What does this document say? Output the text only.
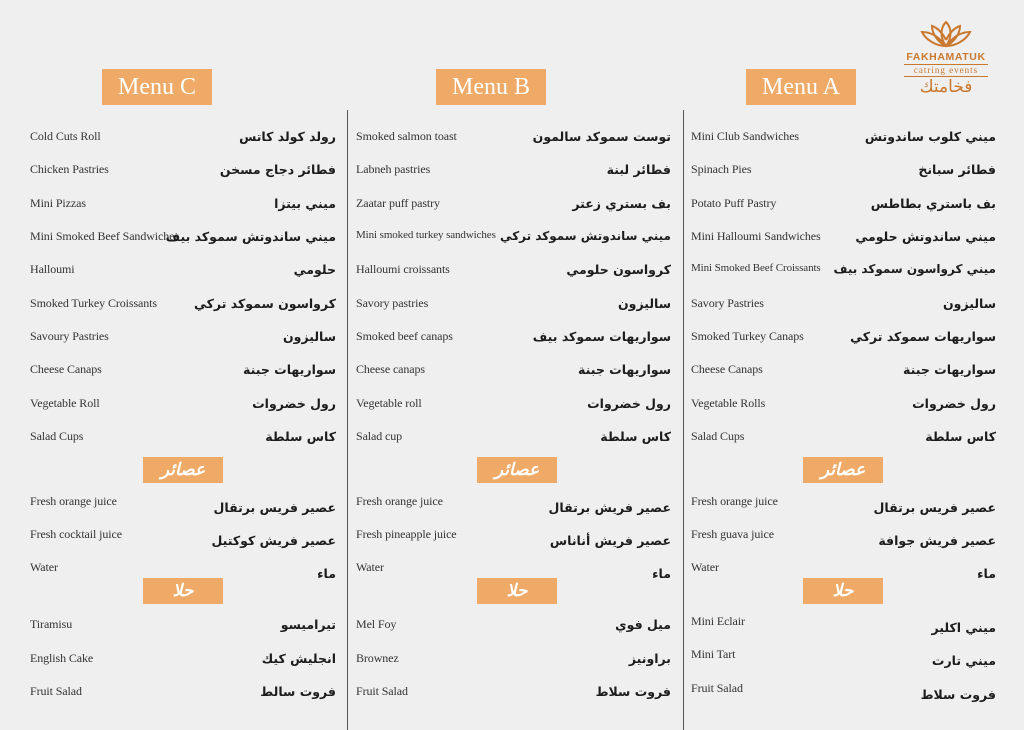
FAKHAMATUK
catring events
فخامتك
Menu C
Cold Cuts Roll	رولد كولد كاتس
Chicken Pastries	فطائر دجاج مسخن
Mini Pizzas	ميني بيتزا
Mini Smoked Beef Sandwiches
ميني ساندوتش سموكد بيف
Halloumi	حلومي
Smoked Turkey Croissants	كرواسون سموكد تركي
Savoury Pastries	ساليزون
Cheese Canaps	سواريهات جبنة
Vegetable Roll	رول خضروات
Salad Cups	كاس سلطة
عصائر
Fresh orange juice	عصير فريس برتقال
Fresh cocktail juice	عصير فريش كوكتيل
Water	ماء
حلا
Tiramisu	تيراميسو
English Cake	انجليش كيك
Fruit Salad	فروت سالط
Menu B
Smoked salmon toast	توست سموكد سالمون
Labneh pastries	فطائر لبنة
Zaatar puff pastry	بف بستري زعتر
Mini smoked turkey sandwiches ميني ساندوتش سموكد تركي
Halloumi croissants	كرواسون حلومي
Savory pastries	ساليزون
Smoked beef canaps	سواريهات سموكد بيف
Cheese canaps	سواريهات جبنة
Vegetable roll	رول خضروات
Salad cup	كاس سلطة
عصائر
Fresh orange juice	عصير فريش برتقال
Fresh pineapple juice	عصير فريش أناناس
Water	ماء
حلا
Mel Foy	ميل فوي
Brownez	براونيز
Fruit Salad	فروت سلاط
Menu A
Mini Club Sandwiches	ميني كلوب ساندوتش
Spinach Pies	فطائر سبانخ
Potato Puff Pastry	بف باستري بطاطس
Mini Halloumi Sandwiches	ميني ساندوتش حلومي
Mini Smoked Beef Croissants ميني كرواسون سموكد بيف
Savory Pastries	ساليزون
Smoked Turkey Canaps	سواريهات سموكد تركي
Cheese Canaps	سواريهات جبنة
Vegetable Rolls	رول خضروات
Salad Cups	كاس سلطة
عصائر
Fresh orange juice	عصير فريس برتقال
Fresh guava juice	عصير فريش جوافة
Water	ماء
حلا
Mini Eclair	ميني اكلير
Mini Tart	ميني تارت
Fruit Salad	فروت سلاط
